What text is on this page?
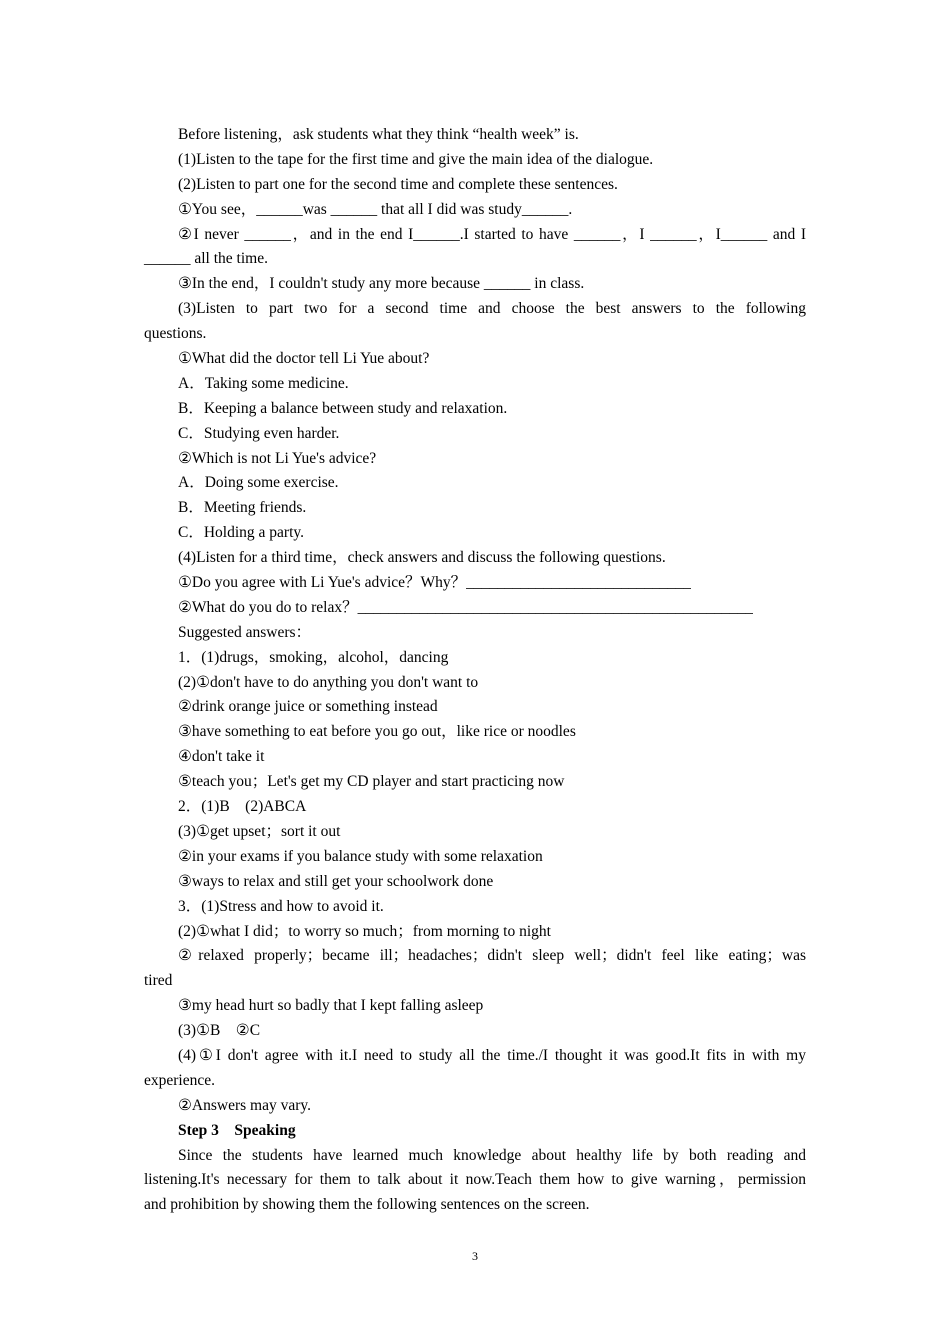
Before listening，ask students what they think “health week” is.
(1)Listen to the tape for the first time and give the main idea of the dialogue.
(2)Listen to part one for the second time and complete these sentences.
①You see，______was ______ that all I did was study______.
②I never ______，and in the end I______.I started to have ______，I ______，I______ and I
______ all the time.
③In the end，I couldn't study any more because ______ in class.
(3)Listen to part two for a second time and choose the best answers to the following
questions.
①What did the doctor tell Li Yue about?
A．Taking some medicine.
B．Keeping a balance between study and relaxation.
C．Studying even harder.
②Which is not Li Yue's advice?
A．Doing some exercise.
B．Meeting friends.
C．Holding a party.
(4)Listen for a third time，check answers and discuss the following questions.
①Do you agree with Li Yue's advice？Why？_____________________________
②What do you do to relax？___________________________________________________
Suggested answers：
1．(1)drugs，smoking，alcohol，dancing
(2)①don't have to do anything you don't want to
②drink orange juice or something instead
③have something to eat before you go out，like rice or noodles
④don't take it
⑤teach you；Let's get my CD player and start practicing now
2．(1)B　(2)ABCA
(3)①get upset；sort it out
②in your exams if you balance study with some relaxation
③ways to relax and still get your schoolwork done
3．(1)Stress and how to avoid it.
(2)①what I did；to worry so much；from morning to night
②relaxed properly；became ill；headaches；didn't sleep well；didn't feel like eating；was
tired
③my head hurt so badly that I kept falling asleep
(3)①B　②C
(4)①I don't agree with it.I need to study all the time./I thought it was good.It fits in with my
experience.
②Answers may vary.
Step 3　Speaking
Since the students have learned much knowledge about healthy life by both reading and
listening.It's necessary for them to talk about it now.Teach them how to give warning，permission
and prohibition by showing them the following sentences on the screen.
3
